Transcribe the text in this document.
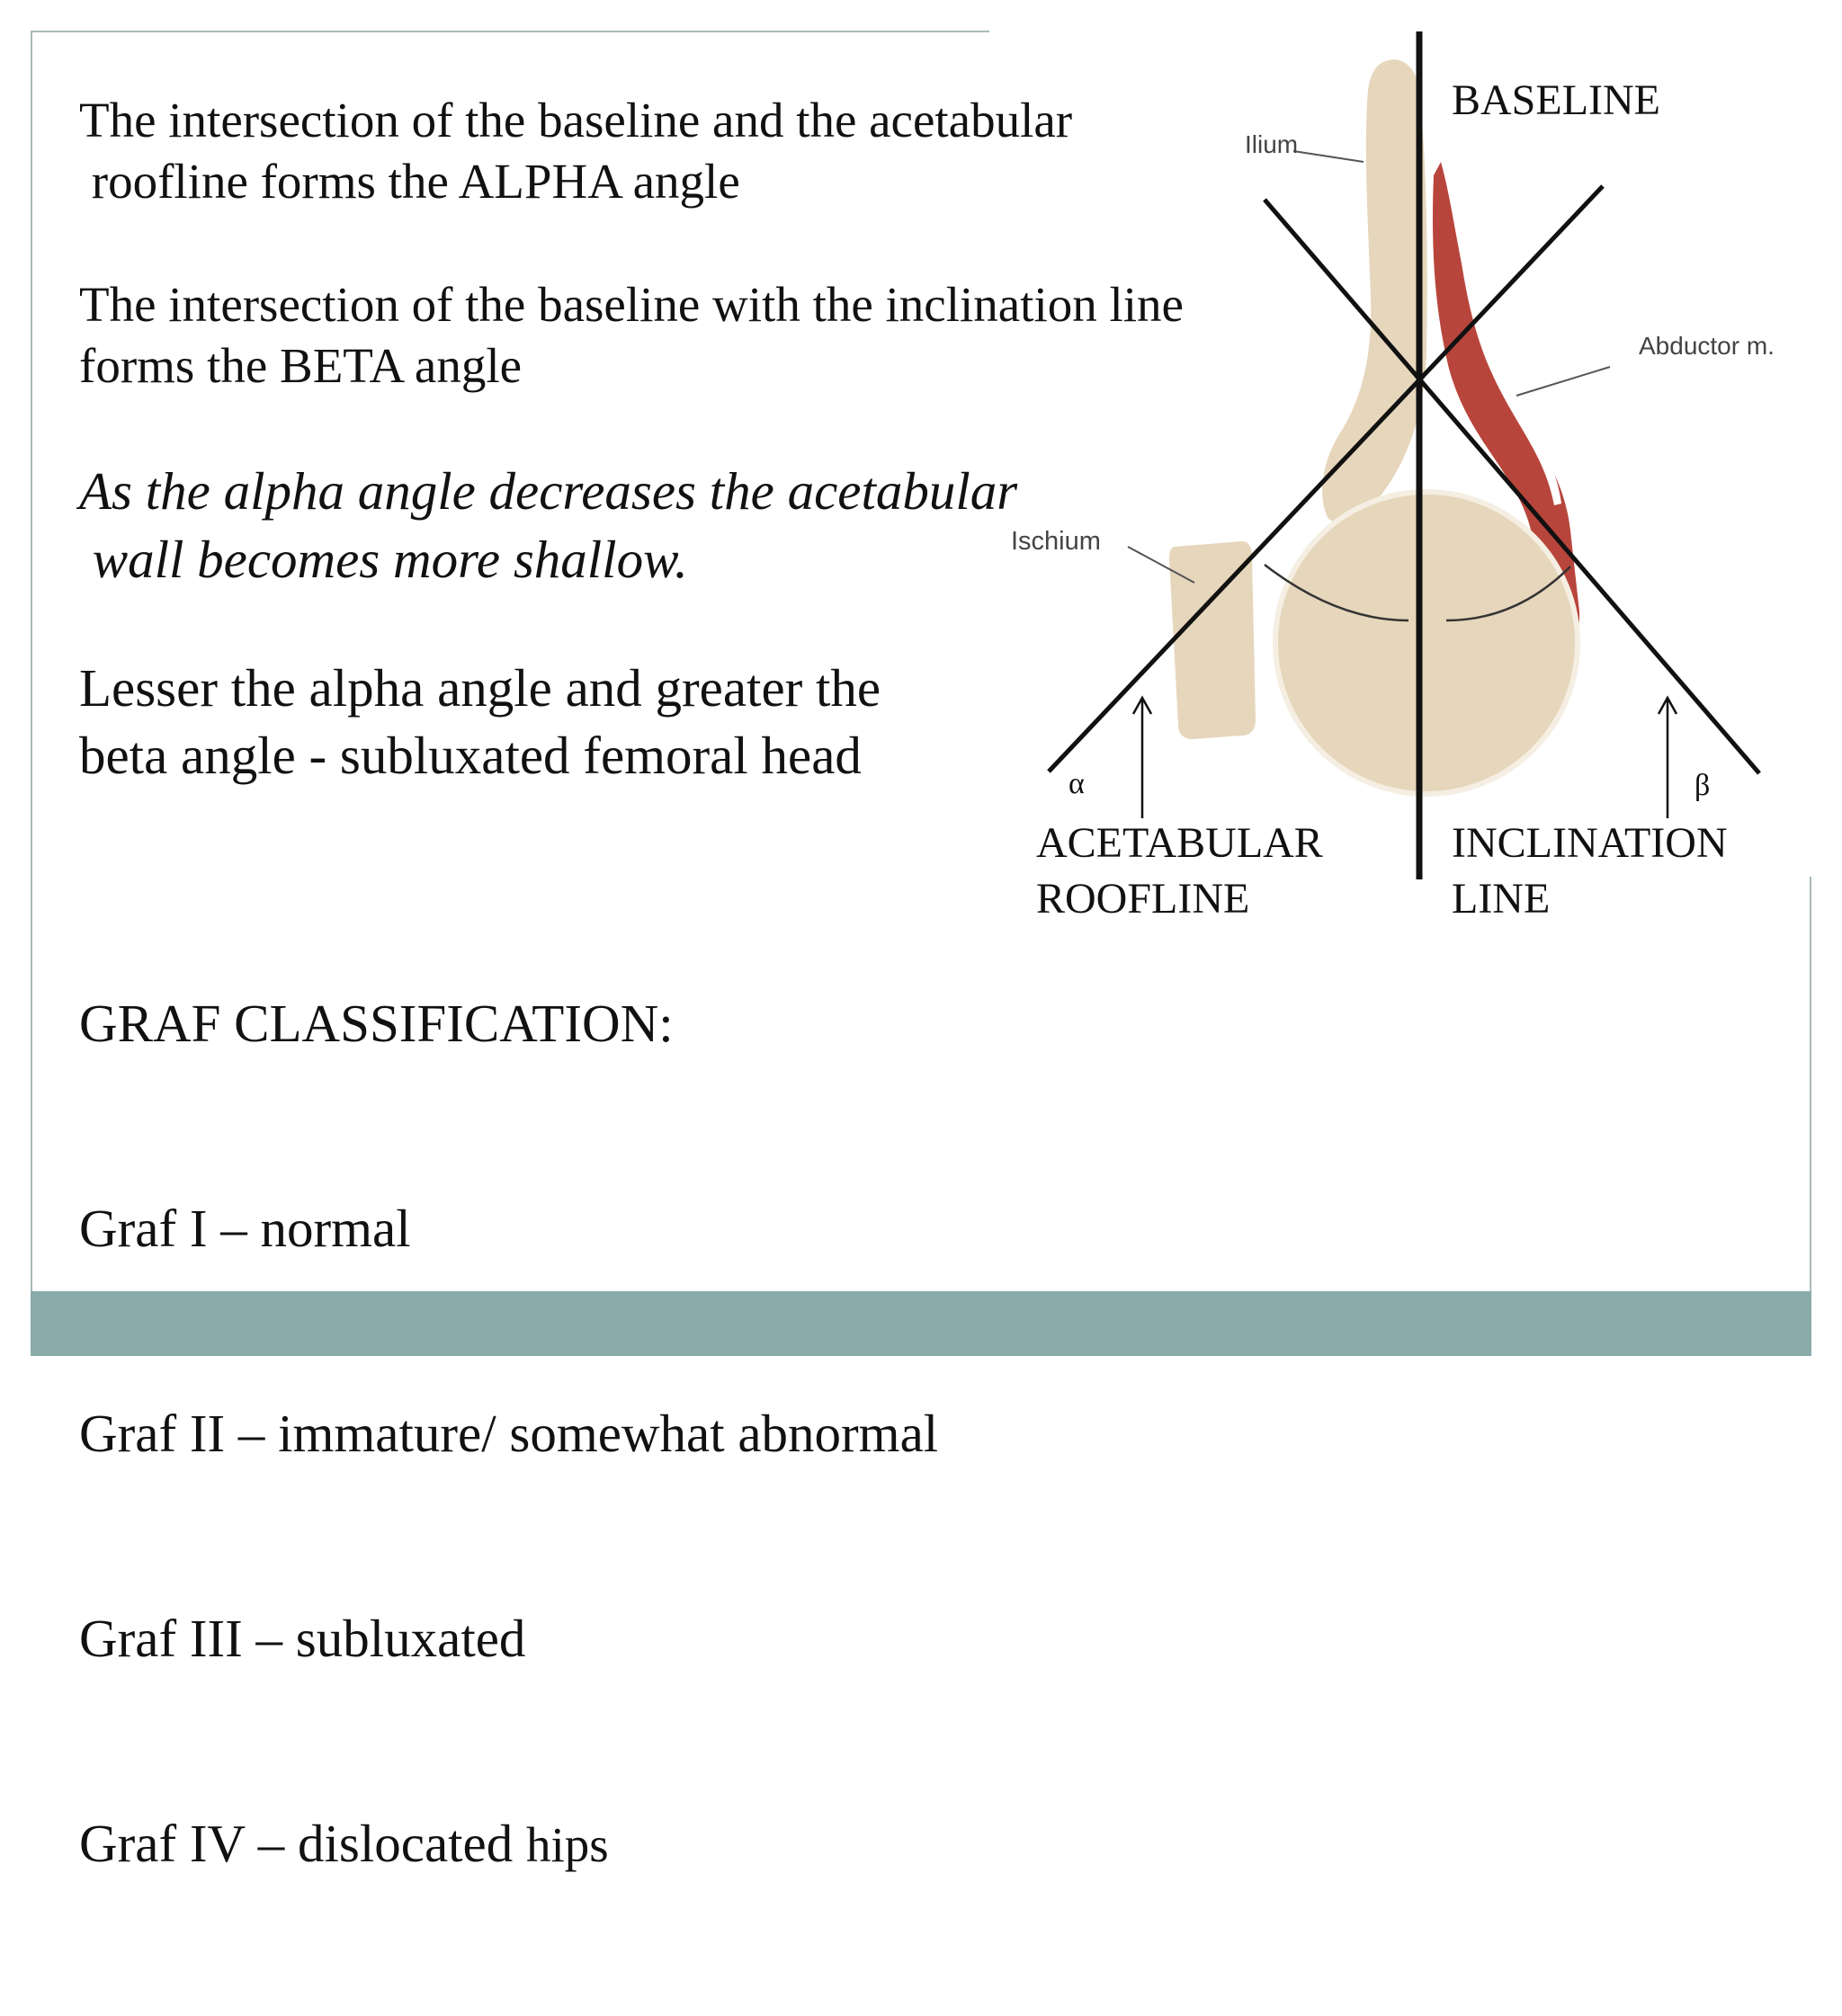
The intersection of the baseline and the acetabular
roofline forms the ALPHA angle

The intersection of the baseline with the inclination line
forms the BETA angle

As the alpha angle decreases the acetabular
wall becomes more shallow.

Lesser the alpha angle and greater the
beta angle - subluxated femoral head

GRAF CLASSIFICATION:

Graf I – normal

Graf II – immature/ somewhat abnormal

Graf III – subluxated

Graf IV – dislocated hips

BASELINE
Ilium
Abductor m.
Ischium
α	β
ACETABULAR
ROOFLINE
INCLINATION
LINE
